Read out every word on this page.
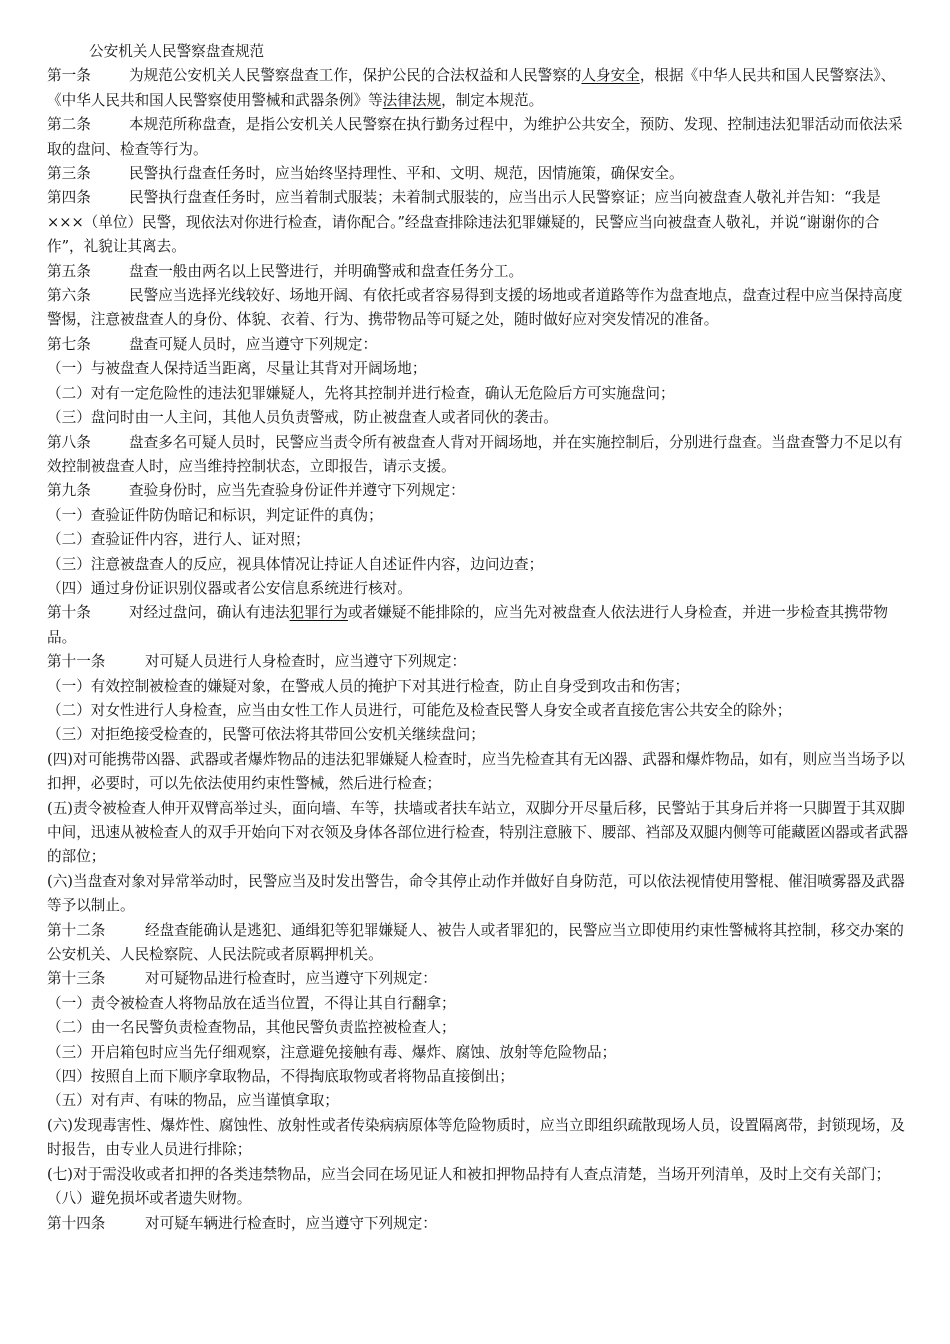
公安机关人民警察盘查规范

第一条	为规范公安机关人民警察盘查工作，保护公民的合法权益和人民警察的人身安全，根据《中华人民共和国人民警察法》、《中华人民共和国人民警察使用警械和武器条例》等法律法规，制定本规范。

第二条	本规范所称盘查，是指公安机关人民警察在执行勤务过程中，为维护公共安全，预防、发现、控制违法犯罪活动而依法采取的盘问、检查等行为。

第三条	民警执行盘查任务时，应当始终坚持理性、平和、文明、规范，因情施策，确保安全。

第四条	民警执行盘查任务时，应当着制式服装；未着制式服装的，应当出示人民警察证；应当向被盘查人敬礼并告知：“我是×××（单位）民警，现依法对你进行检查，请你配合。”经盘查排除违法犯罪嫌疑的，民警应当向被盘查人敬礼，并说“谢谢你的合作”，礼貌让其离去。

第五条	盘查一般由两名以上民警进行，并明确警戒和盘查任务分工。

第六条	民警应当选择光线较好、场地开阔、有依托或者容易得到支援的场地或者道路等作为盘查地点，盘查过程中应当保持高度警惕，注意被盘查人的身份、体貌、衣着、行为、携带物品等可疑之处，随时做好应对突发情况的准备。

第七条	盘查可疑人员时，应当遵守下列规定：

（一）与被盘查人保持适当距离，尽量让其背对开阔场地；

（二）对有一定危险性的违法犯罪嫌疑人，先将其控制并进行检查，确认无危险后方可实施盘问；

（三）盘问时由一人主问，其他人员负责警戒，防止被盘查人或者同伙的袭击。

第八条	盘查多名可疑人员时，民警应当责令所有被盘查人背对开阔场地，并在实施控制后，分别进行盘查。当盘查警力不足以有效控制被盘查人时，应当维持控制状态，立即报告，请示支援。

第九条	查验身份时，应当先查验身份证件并遵守下列规定：

（一）查验证件防伪暗记和标识，判定证件的真伪；

（二）查验证件内容，进行人、证对照；

（三）注意被盘查人的反应，视具体情况让持证人自述证件内容，边问边查；

（四）通过身份证识别仪器或者公安信息系统进行核对。

第十条	对经过盘问，确认有违法犯罪行为或者嫌疑不能排除的，应当先对被盘查人依法进行人身检查，并进一步检查其携带物品。

第十一条	对可疑人员进行人身检查时，应当遵守下列规定：

（一）有效控制被检查的嫌疑对象，在警戒人员的掩护下对其进行检查，防止自身受到攻击和伤害；

（二）对女性进行人身检查，应当由女性工作人员进行，可能危及检查民警人身安全或者直接危害公共安全的除外；

（三）对拒绝接受检查的，民警可依法将其带回公安机关继续盘问；

(四)对可能携带凶器、武器或者爆炸物品的违法犯罪嫌疑人检查时，应当先检查其有无凶器、武器和爆炸物品，如有，则应当当场予以扣押，必要时，可以先依法使用约束性警械，然后进行检查；

(五)责令被检查人伸开双臂高举过头，面向墙、车等，扶墙或者扶车站立，双脚分开尽量后移，民警站于其身后并将一只脚置于其双脚中间，迅速从被检查人的双手开始向下对衣领及身体各部位进行检查，特别注意腋下、腰部、裆部及双腿内侧等可能藏匿凶器或者武器的部位；

(六)当盘查对象对异常举动时，民警应当及时发出警告，命令其停止动作并做好自身防范，可以依法视情使用警棍、催泪喷雾器及武器等予以制止。

第十二条	经盘查能确认是逃犯、通缉犯等犯罪嫌疑人、被告人或者罪犯的，民警应当立即使用约束性警械将其控制，移交办案的公安机关、人民检察院、人民法院或者原羁押机关。

第十三条	对可疑物品进行检查时，应当遵守下列规定：

（一）责令被检查人将物品放在适当位置，不得让其自行翻拿；

（二）由一名民警负责检查物品，其他民警负责监控被检查人；

（三）开启箱包时应当先仔细观察，注意避免接触有毒、爆炸、腐蚀、放射等危险物品；

（四）按照自上而下顺序拿取物品，不得掏底取物或者将物品直接倒出；

（五）对有声、有味的物品，应当谨慎拿取；

(六)发现毒害性、爆炸性、腐蚀性、放射性或者传染病病原体等危险物质时，应当立即组织疏散现场人员，设置隔离带，封锁现场，及时报告，由专业人员进行排除；

(七)对于需没收或者扣押的各类违禁物品，应当会同在场见证人和被扣押物品持有人查点清楚，当场开列清单，及时上交有关部门；

（八）避免损坏或者遗失财物。

第十四条	对可疑车辆进行检查时，应当遵守下列规定：
